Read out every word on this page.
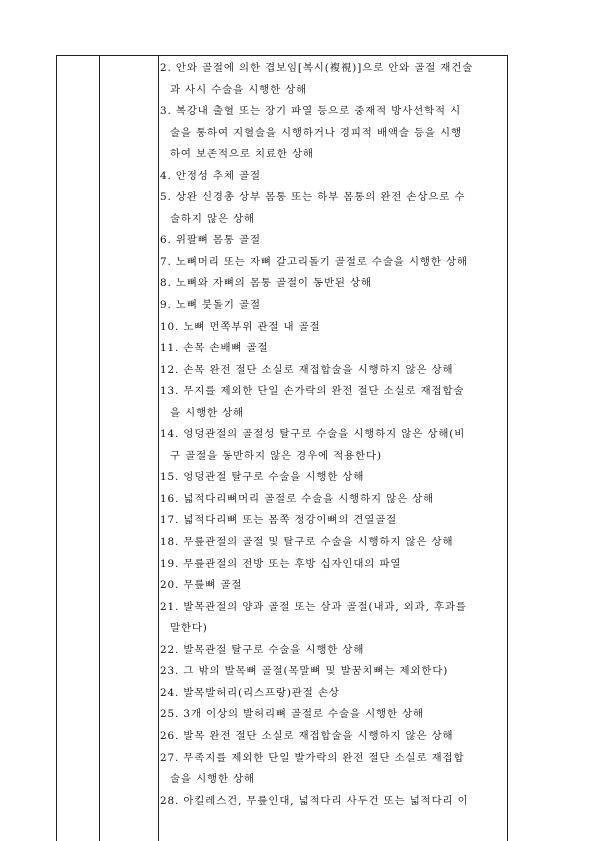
2. 안와 골절에 의한 겹보임[복시(複視)]으로 안와 골절 재건술
과 사시 수술을 시행한 상해
3. 복강내 출혈 또는 장기 파열 등으로 중재적 방사선학적 시
술을 통하여 지혈술을 시행하거나 경피적 배액술 등을 시행
하여 보존적으로 치료한 상해
4. 안정성 추체 골절
5. 상완 신경총 상부 몸통 또는 하부 몸통의 완전 손상으로 수
술하지 않은 상해
6. 위팔뼈 몸통 골절
7. 노뼈머리 또는 자뼈 갈고리돌기 골절로 수술을 시행한 상해
8. 노뼈와 자뼈의 몸통 골절이 동반된 상해
9. 노뼈 붓돌기 골절
10. 노뼈 먼쪽부위 관절 내 골절
11. 손목 손배뼈 골절
12. 손목 완전 절단 소실로 재접합술을 시행하지 않은 상해
13. 무지를 제외한 단일 손가락의 완전 절단 소실로 재접합술
을 시행한 상해
14. 엉덩관절의 골절성 탈구로 수술을 시행하지 않은 상해(비
구 골절을 동반하지 않은 경우에 적용한다)
15. 엉덩관절 탈구로 수술을 시행한 상해
16. 넓적다리뼈머리 골절로 수술을 시행하지 않은 상해
17. 넓적다리뼈 또는 몸쪽 정강이뼈의 견열골절
18. 무릎관절의 골절 및 탈구로 수술을 시행하지 않은 상해
19. 무릎관절의 전방 또는 후방 십자인대의 파열
20. 무릎뼈 골절
21. 발목관절의 양과 골절 또는 삼과 골절(내과, 외과, 후과를
말한다)
22. 발목관절 탈구로 수술을 시행한 상해
23. 그 밖의 발목뼈 골절(목말뼈 및 발꿈치뼈는 제외한다)
24. 발목발허리(리스프랑)관절 손상
25. 3개 이상의 발허리뼈 골절로 수술을 시행한 상해
26. 발목 완전 절단 소실로 재접합술을 시행하지 않은 상해
27. 무족지를 제외한 단일 발가락의 완전 절단 소실로 재접합
술을 시행한 상해
28. 아킬레스건, 무릎인대, 넓적다리 사두건 또는 넓적다리 이
